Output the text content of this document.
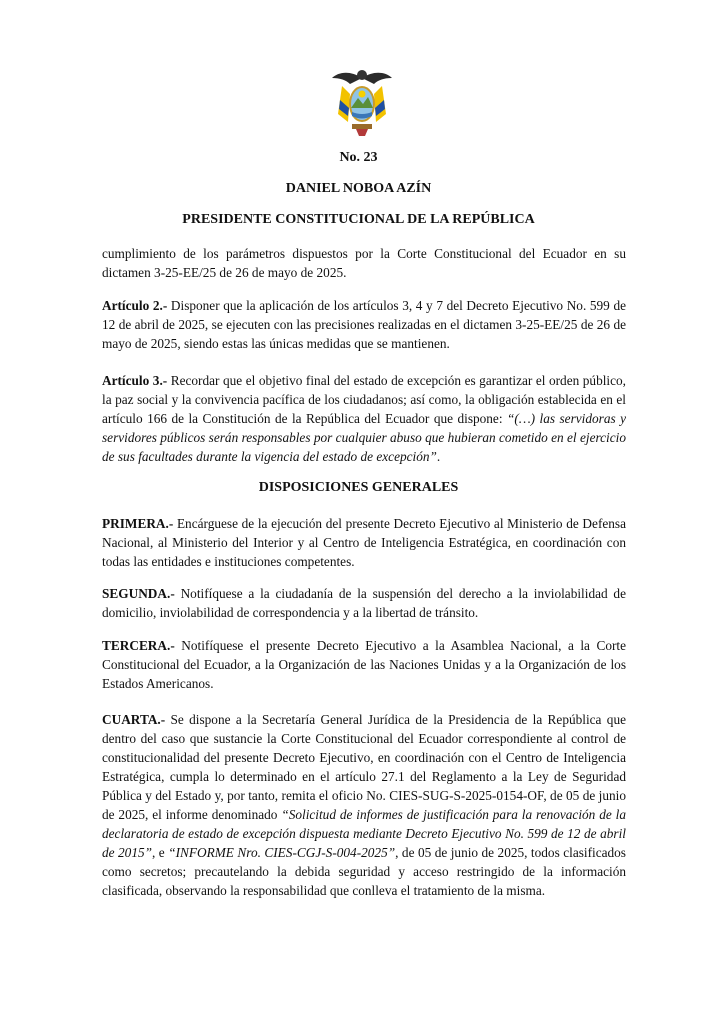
No. 23
DANIEL NOBOA AZÍN
PRESIDENTE CONSTITUCIONAL DE LA REPÚBLICA

cumplimiento de los parámetros dispuestos por la Corte Constitucional del Ecuador en su dictamen 3-25-EE/25 de 26 de mayo de 2025.

Artículo 2.- Disponer que la aplicación de los artículos 3, 4 y 7 del Decreto Ejecutivo No. 599 de 12 de abril de 2025, se ejecuten con las precisiones realizadas en el dictamen 3-25-EE/25 de 26 de mayo de 2025, siendo estas las únicas medidas que se mantienen.

Artículo 3.- Recordar que el objetivo final del estado de excepción es garantizar el orden público, la paz social y la convivencia pacífica de los ciudadanos; así como, la obligación establecida en el artículo 166 de la Constitución de la República del Ecuador que dispone: “(…) las servidoras y servidores públicos serán responsables por cualquier abuso que hubieran cometido en el ejercicio de sus facultades durante la vigencia del estado de excepción”.

DISPOSICIONES GENERALES

PRIMERA.- Encárguese de la ejecución del presente Decreto Ejecutivo al Ministerio de Defensa Nacional, al Ministerio del Interior y al Centro de Inteligencia Estratégica, en coordinación con todas las entidades e instituciones competentes.

SEGUNDA.- Notifíquese a la ciudadanía de la suspensión del derecho a la inviolabilidad de domicilio, inviolabilidad de correspondencia y a la libertad de tránsito.

TERCERA.- Notifíquese el presente Decreto Ejecutivo a la Asamblea Nacional, a la Corte Constitucional del Ecuador, a la Organización de las Naciones Unidas y a la Organización de los Estados Americanos.

CUARTA.- Se dispone a la Secretaría General Jurídica de la Presidencia de la República que dentro del caso que sustancie la Corte Constitucional del Ecuador correspondiente al control de constitucionalidad del presente Decreto Ejecutivo, en coordinación con el Centro de Inteligencia Estratégica, cumpla lo determinado en el artículo 27.1 del Reglamento a la Ley de Seguridad Pública y del Estado y, por tanto, remita el oficio No. CIES-SUG-S-2025-0154-OF, de 05 de junio de 2025, el informe denominado “Solicitud de informes de justificación para la renovación de la declaratoria de estado de excepción dispuesta mediante Decreto Ejecutivo No. 599 de 12 de abril de 2015”, e “INFORME Nro. CIES-CGJ-S-004-2025”, de 05 de junio de 2025, todos clasificados como secretos; precautelando la debida seguridad y acceso restringido de la información clasificada, observando la responsabilidad que conlleva el tratamiento de la misma.
